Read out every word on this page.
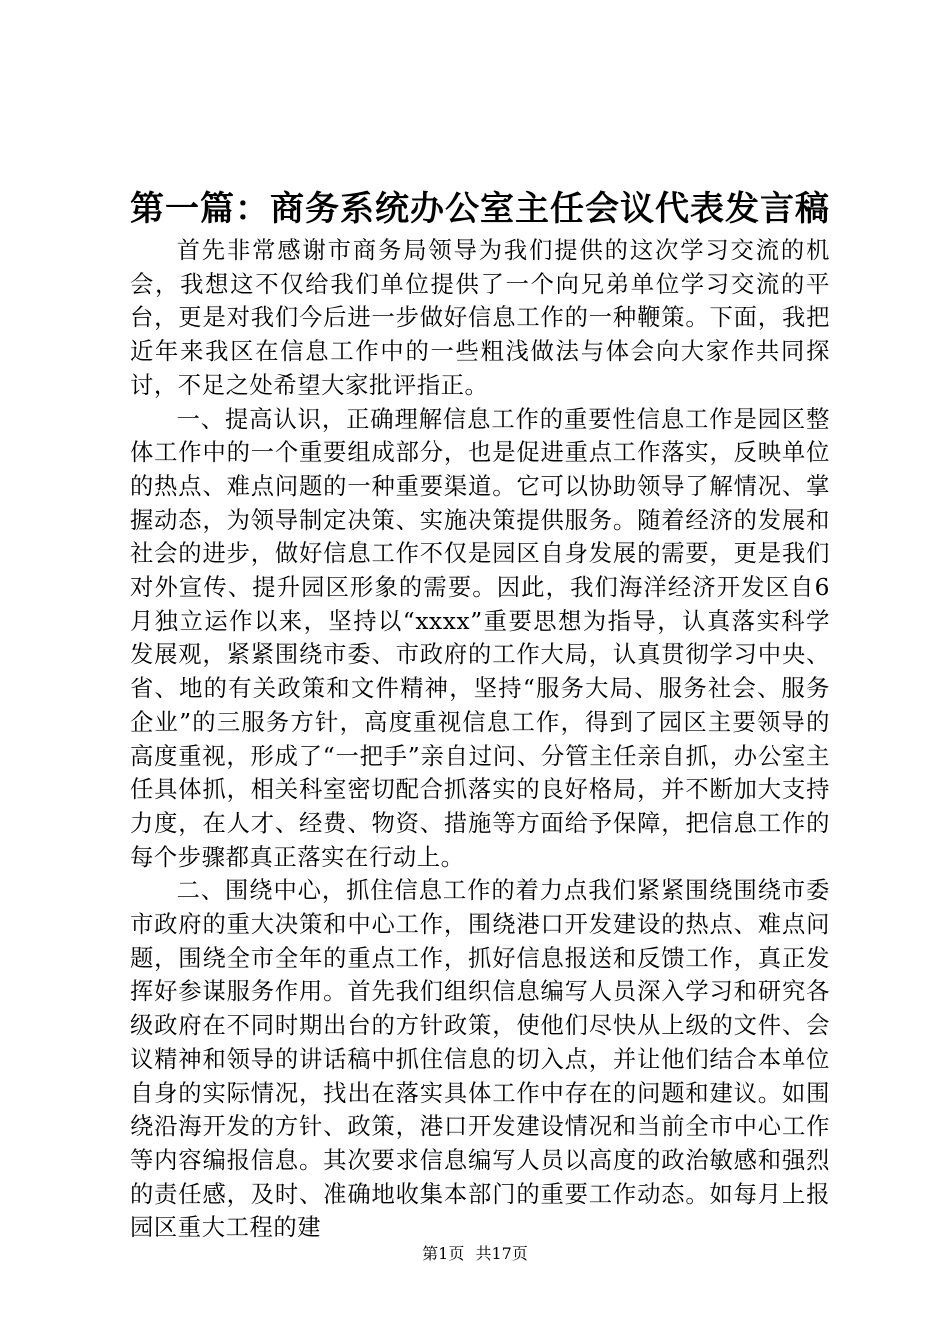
第一篇：商务系统办公室主任会议代表发言稿

首先非常感谢市商务局领导为我们提供的这次学习交流的机会，我想这不仅给我们单位提供了一个向兄弟单位学习交流的平台，更是对我们今后进一步做好信息工作的一种鞭策。下面，我把近年来我区在信息工作中的一些粗浅做法与体会向大家作共同探讨，不足之处希望大家批评指正。

一、提高认识，正确理解信息工作的重要性信息工作是园区整体工作中的一个重要组成部分，也是促进重点工作落实，反映单位的热点、难点问题的一种重要渠道。它可以协助领导了解情况、掌握动态，为领导制定决策、实施决策提供服务。随着经济的发展和社会的进步，做好信息工作不仅是园区自身发展的需要，更是我们对外宣传、提升园区形象的需要。因此，我们海洋经济开发区自6月独立运作以来，坚持以“xxxx”重要思想为指导，认真落实科学发展观，紧紧围绕市委、市政府的工作大局，认真贯彻学习中央、省、地的有关政策和文件精神，坚持“服务大局、服务社会、服务企业”的三服务方针，高度重视信息工作，得到了园区主要领导的高度重视，形成了“一把手”亲自过问、分管主任亲自抓，办公室主任具体抓，相关科室密切配合抓落实的良好格局，并不断加大支持力度，在人才、经费、物资、措施等方面给予保障，把信息工作的每个步骤都真正落实在行动上。

二、围绕中心，抓住信息工作的着力点我们紧紧围绕围绕市委市政府的重大决策和中心工作，围绕港口开发建设的热点、难点问题，围绕全市全年的重点工作，抓好信息报送和反馈工作，真正发挥好参谋服务作用。首先我们组织信息编写人员深入学习和研究各级政府在不同时期出台的方针政策，使他们尽快从上级的文件、会议精神和领导的讲话稿中抓住信息的切入点，并让他们结合本单位自身的实际情况，找出在落实具体工作中存在的问题和建议。如围绕沿海开发的方针、政策，港口开发建设情况和当前全市中心工作等内容编报信息。其次要求信息编写人员以高度的政治敏感和强烈的责任感，及时、准确地收集本部门的重要工作动态。如每月上报园区重大工程的建

第1页 共17页
